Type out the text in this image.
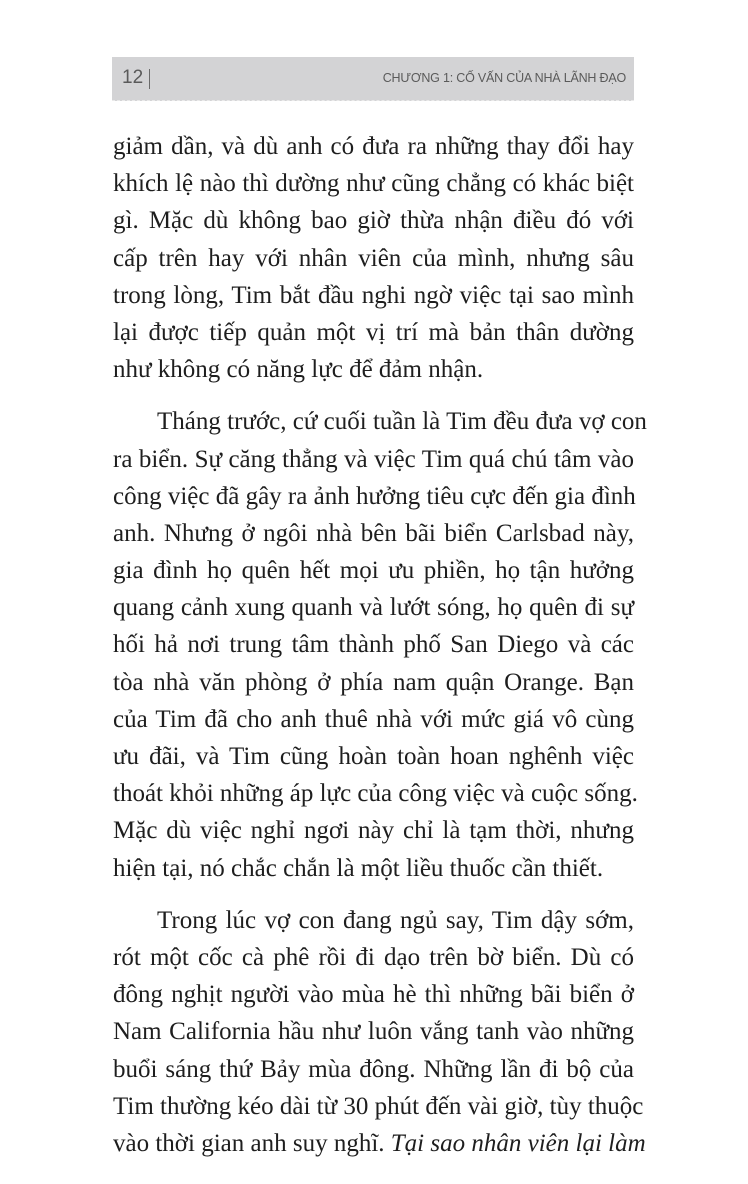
12	CHƯƠNG 1: CỐ VẤN CỦA NHÀ LÃNH ĐẠO
giảm dần, và dù anh có đưa ra những thay đổi hay
khích lệ nào thì dường như cũng chẳng có khác biệt
gì. Mặc dù không bao giờ thừa nhận điều đó với
cấp trên hay với nhân viên của mình, nhưng sâu
trong lòng, Tim bắt đầu nghi ngờ việc tại sao mình
lại được tiếp quản một vị trí mà bản thân dường
như không có năng lực để đảm nhận.
Tháng trước, cứ cuối tuần là Tim đều đưa vợ con
ra biển. Sự căng thẳng và việc Tim quá chú tâm vào
công việc đã gây ra ảnh hưởng tiêu cực đến gia đình
anh. Nhưng ở ngôi nhà bên bãi biển Carlsbad này,
gia đình họ quên hết mọi ưu phiền, họ tận hưởng
quang cảnh xung quanh và lướt sóng, họ quên đi sự
hối hả nơi trung tâm thành phố San Diego và các
tòa nhà văn phòng ở phía nam quận Orange. Bạn
của Tim đã cho anh thuê nhà với mức giá vô cùng
ưu đãi, và Tim cũng hoàn toàn hoan nghênh việc
thoát khỏi những áp lực của công việc và cuộc sống.
Mặc dù việc nghỉ ngơi này chỉ là tạm thời, nhưng
hiện tại, nó chắc chắn là một liều thuốc cần thiết.
Trong lúc vợ con đang ngủ say, Tim dậy sớm,
rót một cốc cà phê rồi đi dạo trên bờ biển. Dù có
đông nghịt người vào mùa hè thì những bãi biển ở
Nam California hầu như luôn vắng tanh vào những
buổi sáng thứ Bảy mùa đông. Những lần đi bộ của
Tim thường kéo dài từ 30 phút đến vài giờ, tùy thuộc
vào thời gian anh suy nghĩ. Tại sao nhân viên lại làm
